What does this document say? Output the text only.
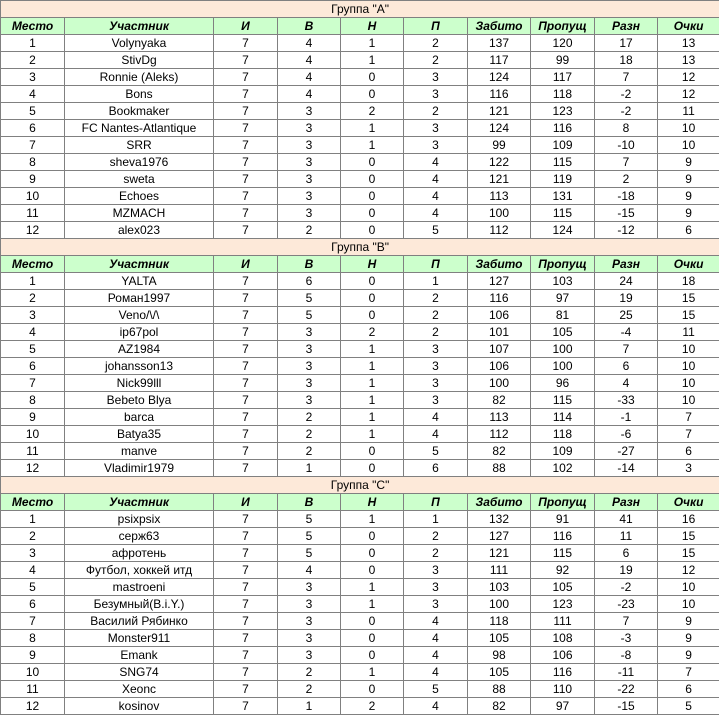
Группа "А"									
Место	Участник	И	В	Н	П	Забито	Пропущ	Разн	Очки
1	Volynyaka	7	4	1	2	137	120	17	13
2	StivDg	7	4	1	2	117	99	18	13
3	Ronnie (Aleks)	7	4	0	3	124	117	7	12
4	Bons	7	4	0	3	116	118	-2	12
5	Bookmaker	7	3	2	2	121	123	-2	11
6	FC Nantes-Atlantique	7	3	1	3	124	116	8	10
7	SRR	7	3	1	3	99	109	-10	10
8	sheva1976	7	3	0	4	122	115	7	9
9	sweta	7	3	0	4	121	119	2	9
10	Echoes	7	3	0	4	113	131	-18	9
11	MZMACH	7	3	0	4	100	115	-15	9
12	alex023	7	2	0	5	112	124	-12	6
Группа "В"									
Место	Участник	И	В	Н	П	Забито	Пропущ	Разн	Очки
1	YALTA	7	6	0	1	127	103	24	18
2	Роман1997	7	5	0	2	116	97	19	15
3	Veno/\/\	7	5	0	2	106	81	25	15
4	ip67pol	7	3	2	2	101	105	-4	11
5	AZ1984	7	3	1	3	107	100	7	10
6	johansson13	7	3	1	3	106	100	6	10
7	Nick99lll	7	3	1	3	100	96	4	10
8	Bebeto Blya	7	3	1	3	82	115	-33	10
9	barca	7	2	1	4	113	114	-1	7
10	Batya35	7	2	1	4	112	118	-6	7
11	manve	7	2	0	5	82	109	-27	6
12	Vladimir1979	7	1	0	6	88	102	-14	3
Группа "С"									
Место	Участник	И	В	Н	П	Забито	Пропущ	Разн	Очки
1	psixpsix	7	5	1	1	132	91	41	16
2	серж63	7	5	0	2	127	116	11	15
3	афротень	7	5	0	2	121	115	6	15
4	Футбол, хоккей итд	7	4	0	3	111	92	19	12
5	mastroeni	7	3	1	3	103	105	-2	10
6	Безумный(B.i.Y.)	7	3	1	3	100	123	-23	10
7	Василий Рябинко	7	3	0	4	118	111	7	9
8	Monster911	7	3	0	4	105	108	-3	9
9	Emank	7	3	0	4	98	106	-8	9
10	SNG74	7	2	1	4	105	116	-11	7
11	Xeonc	7	2	0	5	88	110	-22	6
12	kosinov	7	1	2	4	82	97	-15	5
